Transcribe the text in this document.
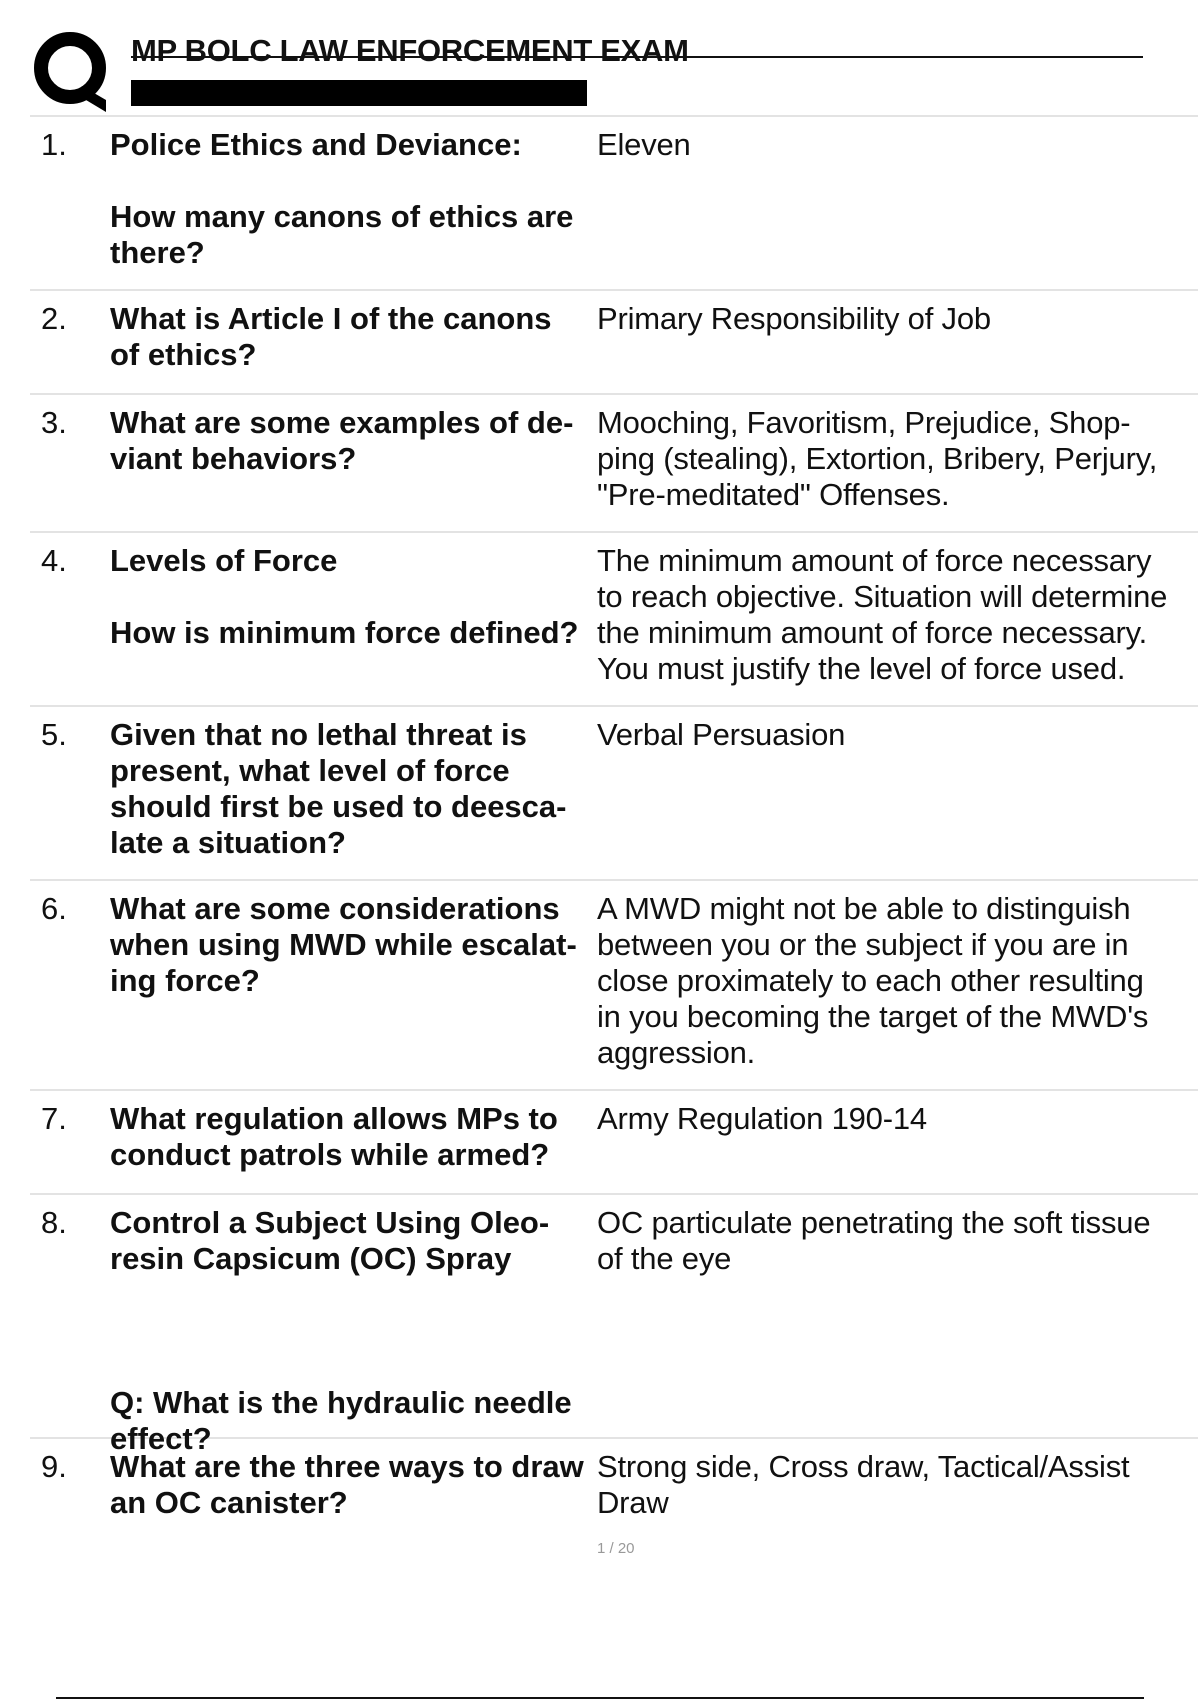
MP BOLC LAW ENFORCEMENT EXAM
1. Police Ethics and Deviance:
How many canons of ethics are
there?
Eleven
2. What is Article I of the canons
of ethics?
Primary Responsibility of Job
3. What are some examples of de-
viant behaviors?
Mooching, Favoritism, Prejudice, Shop-
ping (stealing), Extortion, Bribery, Perjury,
"Pre-meditated" Offenses.
4. Levels of Force
How is minimum force defined?
The minimum amount of force necessary
to reach objective. Situation will determine
the minimum amount of force necessary.
You must justify the level of force used.
5. Given that no lethal threat is
present, what level of force
should first be used to deesca-
late a situation?
Verbal Persuasion
6. What are some considerations
when using MWD while escalat-
ing force?
A MWD might not be able to distinguish
between you or the subject if you are in
close proximately to each other resulting
in you becoming the target of the MWD's
aggression.
7. What regulation allows MPs to
conduct patrols while armed?
Army Regulation 190-14
8. Control a Subject Using Oleo-
resin Capsicum (OC) Spray
Q: What is the hydraulic needle
effect?
OC particulate penetrating the soft tissue
of the eye
9. What are the three ways to draw
an OC canister?
Strong side, Cross draw, Tactical/Assist
Draw
1 / 20
